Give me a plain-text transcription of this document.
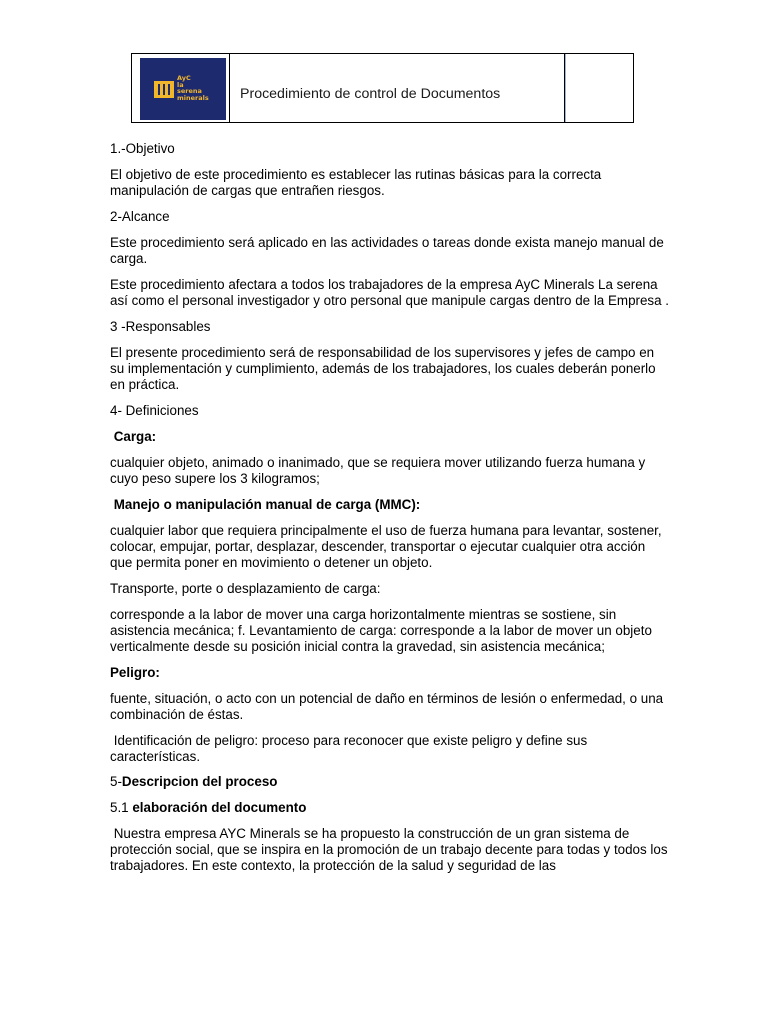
AyC
la
serena
minerals Procedimiento de control de Documentos

1.-Objetivo

El objetivo de este procedimiento es establecer las rutinas básicas para la correcta manipulación de cargas que entrañen riesgos.

2-Alcance

Este procedimiento será aplicado en las actividades o tareas donde exista manejo manual de carga.

Este procedimiento afectara a todos los trabajadores de la empresa AyC Minerals La serena así como el personal investigador y otro personal que manipule cargas dentro de la Empresa .

3 -Responsables

El presente procedimiento será de responsabilidad de los supervisores y jefes de campo en su implementación y cumplimiento, además de los trabajadores, los cuales deberán ponerlo en práctica.

4- Definiciones

Carga:

cualquier objeto, animado o inanimado, que se requiera mover utilizando fuerza humana y cuyo peso supere los 3 kilogramos;

Manejo o manipulación manual de carga (MMC):

cualquier labor que requiera principalmente el uso de fuerza humana para levantar, sostener, colocar, empujar, portar, desplazar, descender, transportar o ejecutar cualquier otra acción que permita poner en movimiento o detener un objeto.

Transporte, porte o desplazamiento de carga:

corresponde a la labor de mover una carga horizontalmente mientras se sostiene, sin asistencia mecánica; f. Levantamiento de carga: corresponde a la labor de mover un objeto verticalmente desde su posición inicial contra la gravedad, sin asistencia mecánica;

Peligro:

fuente, situación, o acto con un potencial de daño en términos de lesión o enfermedad, o una combinación de éstas.

Identificación de peligro: proceso para reconocer que existe peligro y define sus características.

5-Descripcion del proceso

5.1 elaboración del documento

Nuestra empresa AYC Minerals se ha propuesto la construcción de un gran sistema de protección social, que se inspira en la promoción de un trabajo decente para todas y todos los trabajadores. En este contexto, la protección de la salud y seguridad de las
